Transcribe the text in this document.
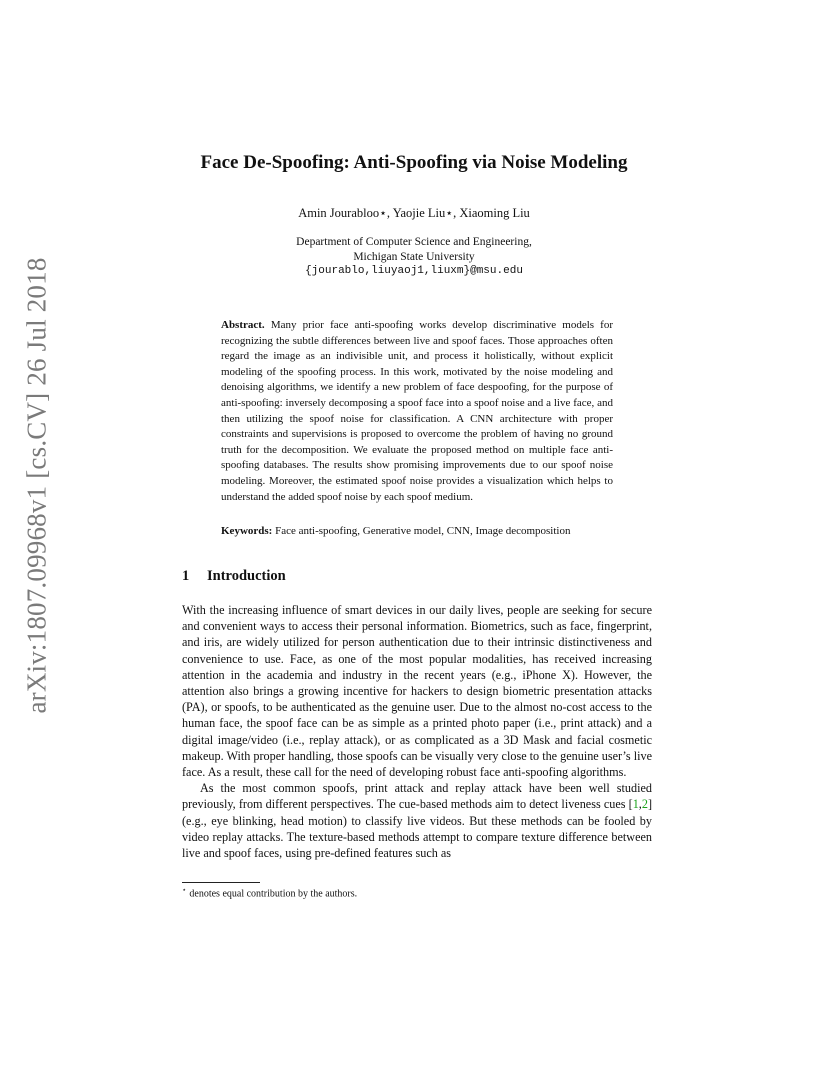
arXiv:1807.09968v1 [cs.CV] 26 Jul 2018
Face De-Spoofing: Anti-Spoofing via Noise Modeling
Amin Jourabloo⋆, Yaojie Liu⋆, Xiaoming Liu
Department of Computer Science and Engineering,
Michigan State University
{jourablo,liuyaoj1,liuxm}@msu.edu
Abstract. Many prior face anti-spoofing works develop discriminative models for recognizing the subtle differences between live and spoof faces. Those approaches often regard the image as an indivisible unit, and process it holistically, without explicit modeling of the spoofing process. In this work, motivated by the noise modeling and denoising algorithms, we identify a new problem of face despoofing, for the purpose of anti-spoofing: inversely decomposing a spoof face into a spoof noise and a live face, and then utilizing the spoof noise for classification. A CNN architecture with proper constraints and supervisions is proposed to overcome the problem of having no ground truth for the decomposition. We evaluate the proposed method on multiple face anti-spoofing databases. The results show promising improvements due to our spoof noise modeling. Moreover, the estimated spoof noise provides a visualization which helps to understand the added spoof noise by each spoof medium.
Keywords: Face anti-spoofing, Generative model, CNN, Image decomposition
1 Introduction

With the increasing influence of smart devices in our daily lives, people are seeking for secure and convenient ways to access their personal information. Biometrics, such as face, fingerprint, and iris, are widely utilized for person authentication due to their intrinsic distinctiveness and convenience to use. Face, as one of the most popular modalities, has received increasing attention in the academia and industry in the recent years (e.g., iPhone X). However, the attention also brings a growing incentive for hackers to design biometric presentation attacks (PA), or spoofs, to be authenticated as the genuine user. Due to the almost no-cost access to the human face, the spoof face can be as simple as a printed photo paper (i.e., print attack) and a digital image/video (i.e., replay attack), or as complicated as a 3D Mask and facial cosmetic makeup. With proper handling, those spoofs can be visually very close to the genuine user’s live face. As a result, these call for the need of developing robust face anti-spoofing algorithms.

As the most common spoofs, print attack and replay attack have been well studied previously, from different perspectives. The cue-based methods aim to detect liveness cues [1,2] (e.g., eye blinking, head motion) to classify live videos. But these methods can be fooled by video replay attacks. The texture-based methods attempt to compare texture difference between live and spoof faces, using pre-defined features such as

⋆ denotes equal contribution by the authors.
